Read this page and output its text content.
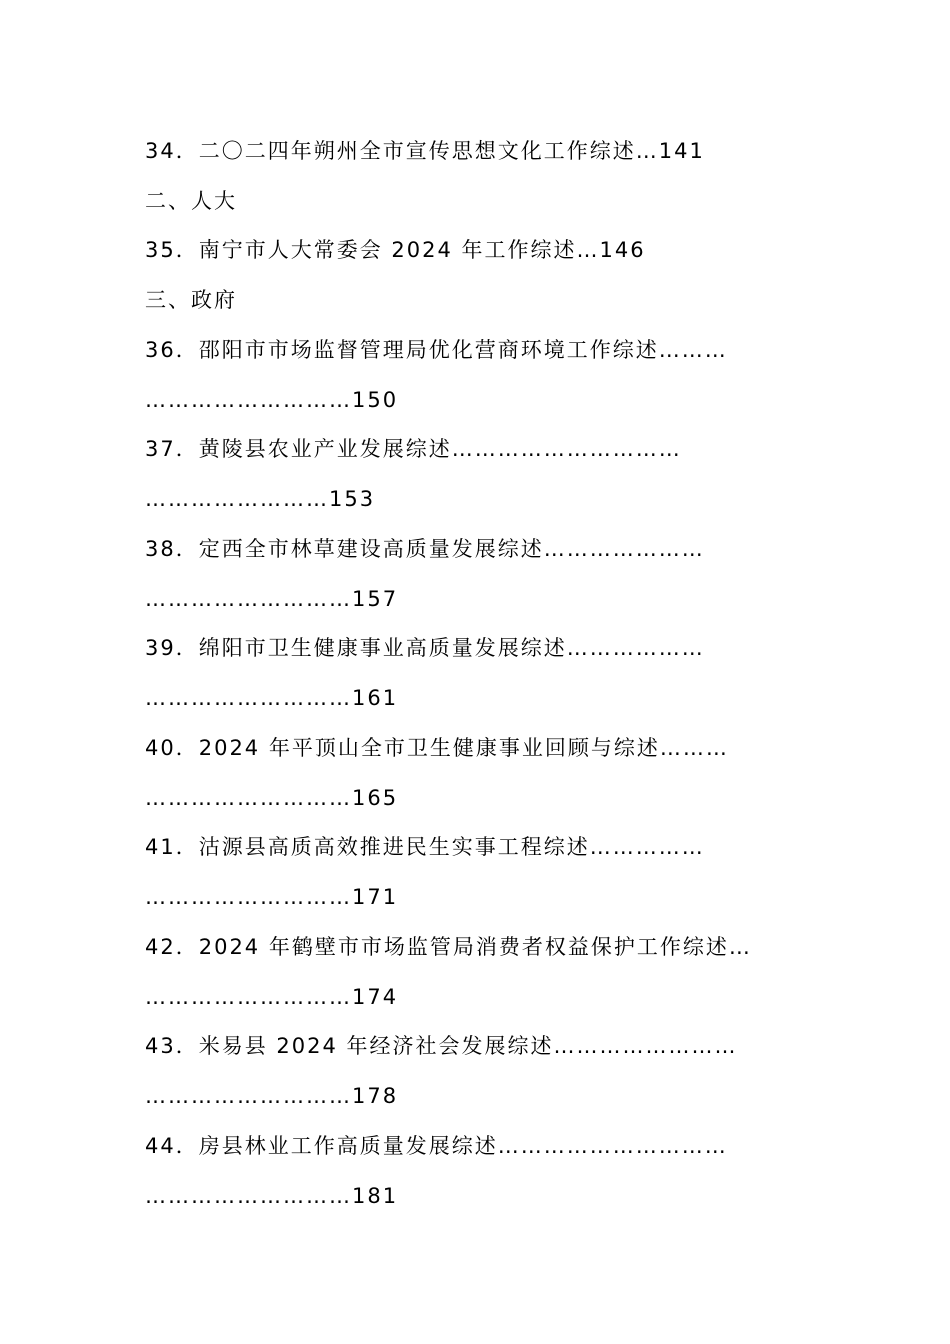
34．二〇二四年朔州全市宣传思想文化工作综述…141
二、人大
35．南宁市人大常委会 2024 年工作综述…146
三、政府
36．邵阳市市场监督管理局优化营商环境工作综述………
………………………150
37．黄陵县农业产业发展综述…………………………
……………………153
38．定西全市林草建设高质量发展综述…………………
………………………157
39．绵阳市卫生健康事业高质量发展综述………………
………………………161
40．2024 年平顶山全市卫生健康事业回顾与综述………
………………………165
41．沽源县高质高效推进民生实事工程综述……………
………………………171
42．2024 年鹤壁市市场监管局消费者权益保护工作综述…
………………………174
43．米易县 2024 年经济社会发展综述……………………
………………………178
44．房县林业工作高质量发展综述…………………………
………………………181
